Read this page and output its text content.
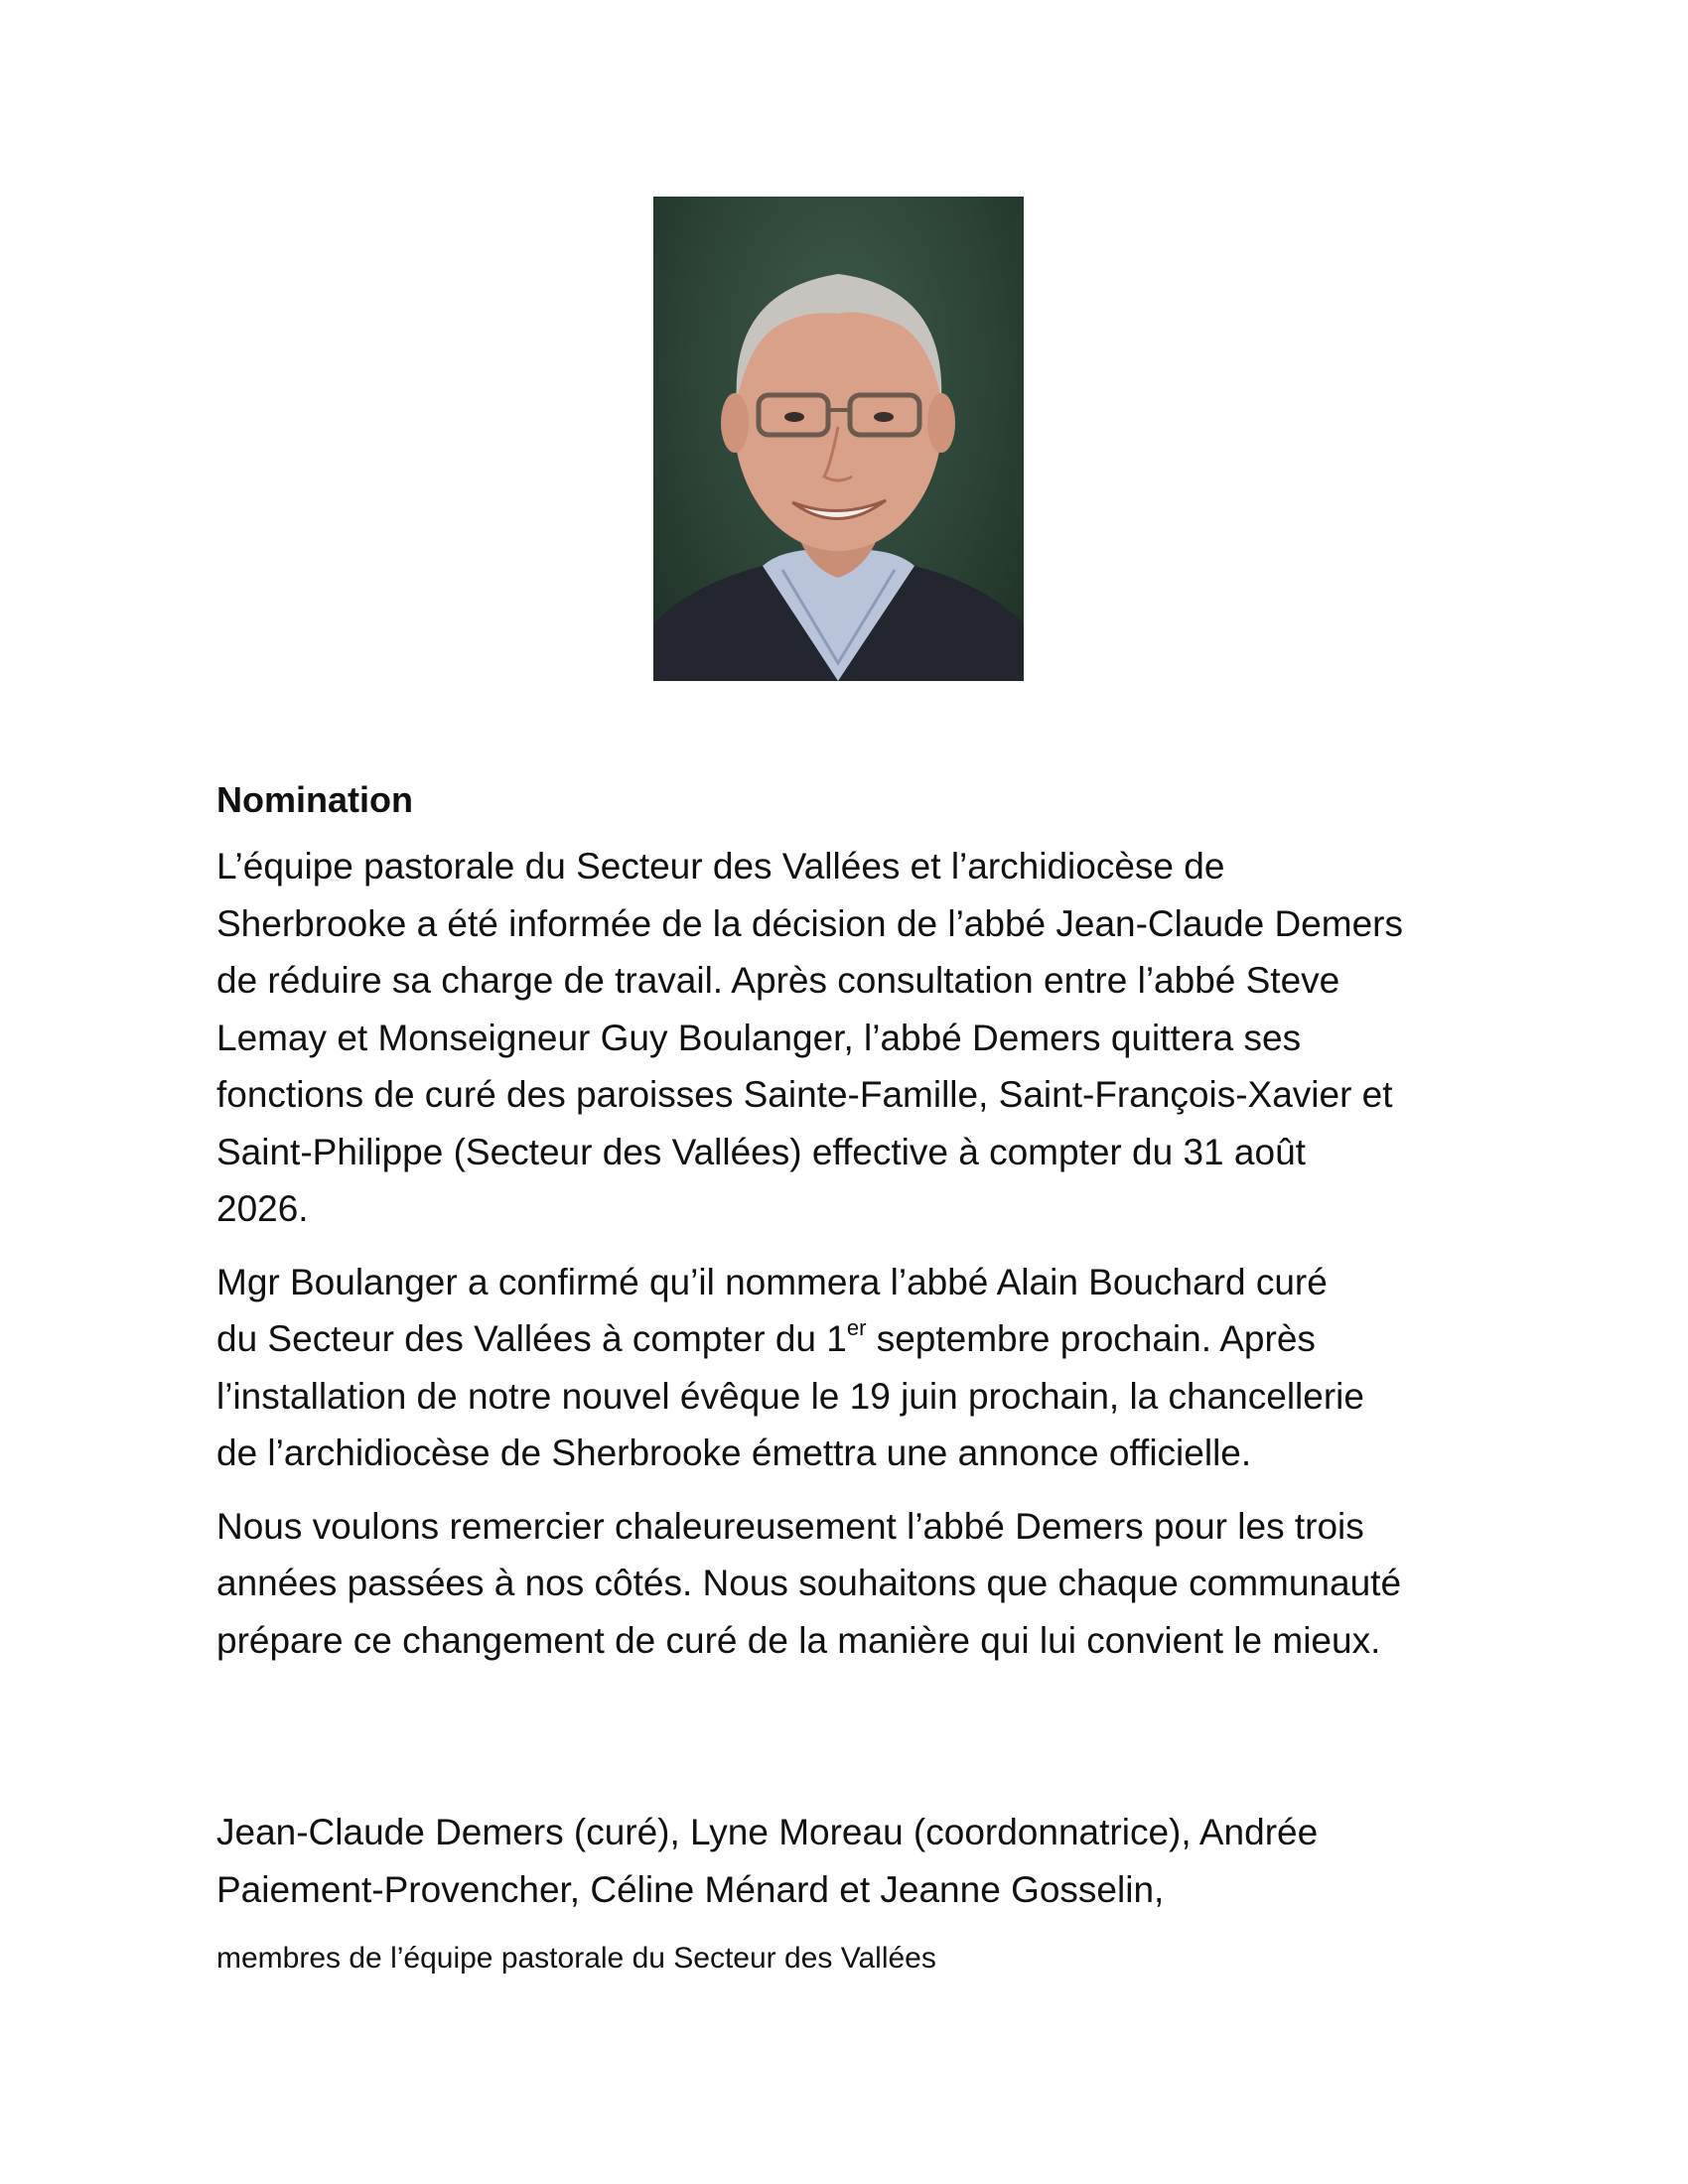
Nomination

L’équipe pastorale du Secteur des Vallées et l’archidiocèse de
Sherbrooke a été informée de la décision de l’abbé Jean-Claude Demers
de réduire sa charge de travail. Après consultation entre l’abbé Steve
Lemay et Monseigneur Guy Boulanger, l’abbé Demers quittera ses
fonctions de curé des paroisses Sainte-Famille, Saint-François-Xavier et
Saint-Philippe (Secteur des Vallées) effective à compter du 31 août
2026.

Mgr Boulanger a confirmé qu’il nommera l’abbé Alain Bouchard curé
du Secteur des Vallées à compter du 1er septembre prochain. Après
l’installation de notre nouvel évêque le 19 juin prochain, la chancellerie
de l’archidiocèse de Sherbrooke émettra une annonce officielle.

Nous voulons remercier chaleureusement l’abbé Demers pour les trois
années passées à nos côtés. Nous souhaitons que chaque communauté
prépare ce changement de curé de la manière qui lui convient le mieux.

Jean-Claude Demers (curé), Lyne Moreau (coordonnatrice), Andrée
Paiement-Provencher, Céline Ménard et Jeanne Gosselin,
membres de l’équipe pastorale du Secteur des Vallées
